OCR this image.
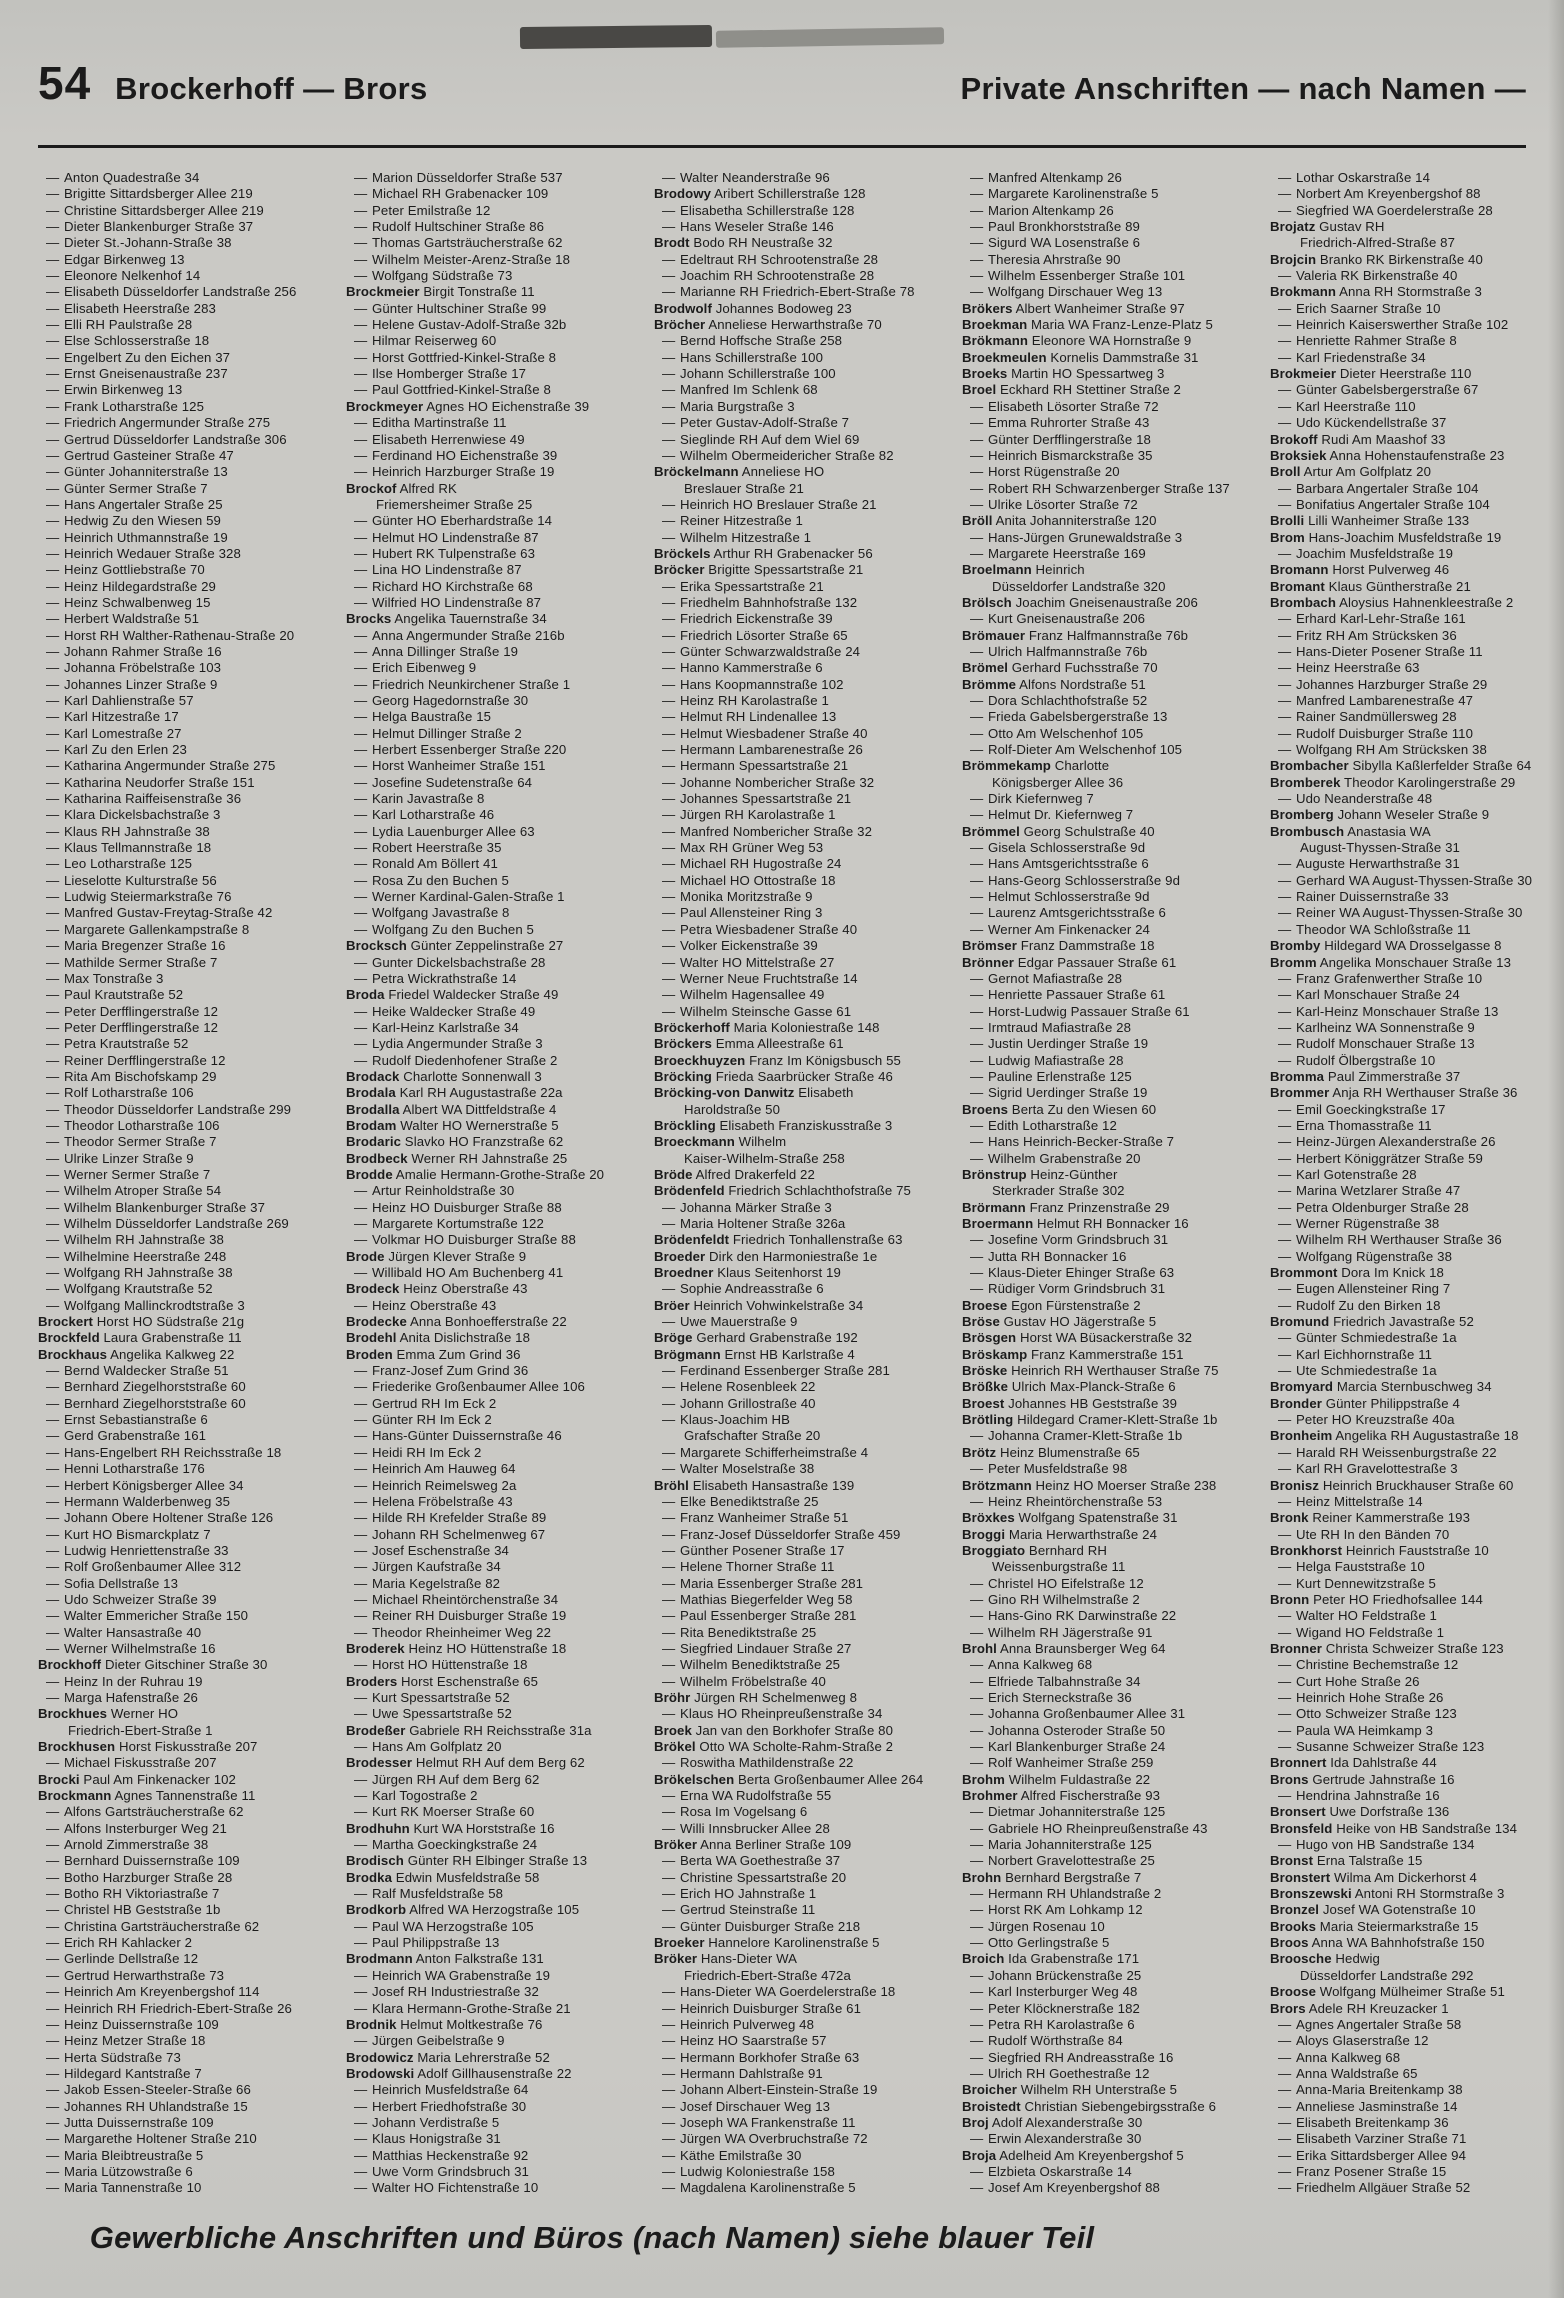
54 Brockerhoff — Brors	Private Anschriften — nach Namen —
— Anton Quadestraße 34
— Brigitte Sittardsberger Allee 219
— Christine Sittardsberger Allee 219
— Dieter Blankenburger Straße 37
— Dieter St.-Johann-Straße 38
— Edgar Birkenweg 13
— Eleonore Nelkenhof 14
— Elisabeth Düsseldorfer Landstraße 256
— Elisabeth Heerstraße 283
— Elli RH Paulstraße 28
— Else Schlosserstraße 18
— Engelbert Zu den Eichen 37
— Ernst Gneisenaustraße 237
— Erwin Birkenweg 13
— Frank Lotharstraße 125
— Friedrich Angermunder Straße 275
— Gertrud Düsseldorfer Landstraße 306
— Gertrud Gasteiner Straße 47
— Günter Johanniterstraße 13
— Günter Sermer Straße 7
— Hans Angertaler Straße 25
— Hedwig Zu den Wiesen 59
— Heinrich Uthmannstraße 19
— Heinrich Wedauer Straße 328
— Heinz Gottliebstraße 70
— Heinz Hildegardstraße 29
— Heinz Schwalbenweg 15
— Herbert Waldstraße 51
— Horst RH Walther-Rathenau-Straße 20
— Johann Rahmer Straße 16
— Johanna Fröbelstraße 103
— Johannes Linzer Straße 9
— Karl Dahlienstraße 57
— Karl Hitzestraße 17
— Karl Lomestraße 27
— Karl Zu den Erlen 23
— Katharina Angermunder Straße 275
— Katharina Neudorfer Straße 151
— Katharina Raiffeisenstraße 36
— Klara Dickelsbachstraße 3
— Klaus RH Jahnstraße 38
— Klaus Tellmannstraße 18
— Leo Lotharstraße 125
— Lieselotte Kulturstraße 56
— Ludwig Steiermarkstraße 76
— Manfred Gustav-Freytag-Straße 42
— Margarete Gallenkampstraße 8
— Maria Bregenzer Straße 16
— Mathilde Sermer Straße 7
— Max Tonstraße 3
— Paul Krautstraße 52
— Peter Derfflingerstraße 12
— Peter Derfflingerstraße 12
— Petra Krautstraße 52
— Reiner Derfflingerstraße 12
— Rita Am Bischofskamp 29
— Rolf Lotharstraße 106
— Theodor Düsseldorfer Landstraße 299
— Theodor Lotharstraße 106
— Theodor Sermer Straße 7
— Ulrike Linzer Straße 9
— Werner Sermer Straße 7
— Wilhelm Atroper Straße 54
— Wilhelm Blankenburger Straße 37
— Wilhelm Düsseldorfer Landstraße 269
— Wilhelm RH Jahnstraße 38
— Wilhelmine Heerstraße 248
— Wolfgang RH Jahnstraße 38
— Wolfgang Krautstraße 52
— Wolfgang Mallinckrodtstraße 3
Brockert Horst HO Südstraße 21g
Brockfeld Laura Grabenstraße 11
Brockhaus Angelika Kalkweg 22
— Bernd Waldecker Straße 51
— Bernhard Ziegelhorststraße 60
— Bernhard Ziegelhorststraße 60
— Ernst Sebastianstraße 6
— Gerd Grabenstraße 161
— Hans-Engelbert RH Reichsstraße 18
— Henni Lotharstraße 176
— Herbert Königsberger Allee 34
— Hermann Walderbenweg 35
— Johann Obere Holtener Straße 126
— Kurt HO Bismarckplatz 7
— Ludwig Henriettenstraße 33
— Rolf Großenbaumer Allee 312
— Sofia Dellstraße 13
— Udo Schweizer Straße 39
— Walter Emmericher Straße 150
— Walter Hansastraße 40
— Werner Wilhelmstraße 16
Brockhoff Dieter Gitschiner Straße 30
— Heinz In der Ruhrau 19
— Marga Hafenstraße 26
Brockhues Werner HO
Friedrich-Ebert-Straße 1
Brockhusen Horst Fiskusstraße 207
— Michael Fiskusstraße 207
Brocki Paul Am Finkenacker 102
Brockmann Agnes Tannenstraße 11
— Alfons Gartsträucherstraße 62
— Alfons Insterburger Weg 21
— Arnold Zimmerstraße 38
— Bernhard Duissernstraße 109
— Botho Harzburger Straße 28
— Botho RH Viktoriastraße 7
— Christel HB Geststraße 1b
— Christina Gartsträucherstraße 62
— Erich RH Kahlacker 2
— Gerlinde Dellstraße 12
— Gertrud Herwarthstraße 73
— Heinrich Am Kreyenbergshof 114
— Heinrich RH Friedrich-Ebert-Straße 26
— Heinz Duissernstraße 109
— Heinz Metzer Straße 18
— Herta Südstraße 73
— Hildegard Kantstraße 7
— Jakob Essen-Steeler-Straße 66
— Johannes RH Uhlandstraße 15
— Jutta Duissernstraße 109
— Margarethe Holtener Straße 210
— Maria Bleibtreustraße 5
— Maria Lützowstraße 6
— Maria Tannenstraße 10
— Marion Düsseldorfer Straße 537
— Michael RH Grabenacker 109
— Peter Emilstraße 12
— Rudolf Hultschiner Straße 86
— Thomas Gartsträucherstraße 62
— Wilhelm Meister-Arenz-Straße 18
— Wolfgang Südstraße 73
Brockmeier Birgit Tonstraße 11
— Günter Hultschiner Straße 99
— Helene Gustav-Adolf-Straße 32b
— Hilmar Reiserweg 60
— Horst Gottfried-Kinkel-Straße 8
— Ilse Homberger Straße 17
— Paul Gottfried-Kinkel-Straße 8
Brockmeyer Agnes HO Eichenstraße 39
— Editha Martinstraße 11
— Elisabeth Herrenwiese 49
— Ferdinand HO Eichenstraße 39
— Heinrich Harzburger Straße 19
Brockof Alfred RK
Friemersheimer Straße 25
— Günter HO Eberhardstraße 14
— Helmut HO Lindenstraße 87
— Hubert RK Tulpenstraße 63
— Lina HO Lindenstraße 87
— Richard HO Kirchstraße 68
— Wilfried HO Lindenstraße 87
Brocks Angelika Tauernstraße 34
— Anna Angermunder Straße 216b
— Anna Dillinger Straße 19
— Erich Eibenweg 9
— Friedrich Neunkirchener Straße 1
— Georg Hagedornstraße 30
— Helga Baustraße 15
— Helmut Dillinger Straße 2
— Herbert Essenberger Straße 220
— Horst Wanheimer Straße 151
— Josefine Sudetenstraße 64
— Karin Javastraße 8
— Karl Lotharstraße 46
— Lydia Lauenburger Allee 63
— Robert Heerstraße 35
— Ronald Am Böllert 41
— Rosa Zu den Buchen 5
— Werner Kardinal-Galen-Straße 1
— Wolfgang Javastraße 8
— Wolfgang Zu den Buchen 5
Brocksch Günter Zeppelinstraße 27
— Gunter Dickelsbachstraße 28
— Petra Wickrathstraße 14
Broda Friedel Waldecker Straße 49
— Heike Waldecker Straße 49
— Karl-Heinz Karlstraße 34
— Lydia Angermunder Straße 3
— Rudolf Diedenhofener Straße 2
Brodack Charlotte Sonnenwall 3
Brodala Karl RH Augustastraße 22a
Brodalla Albert WA Dittfeldstraße 4
Brodam Walter HO Wernerstraße 5
Brodaric Slavko HO Franzstraße 62
Brodbeck Werner RH Jahnstraße 25
Brodde Amalie Hermann-Grothe-Straße 20
— Artur Reinholdstraße 30
— Heinz HO Duisburger Straße 88
— Margarete Kortumstraße 122
— Volkmar HO Duisburger Straße 88
Brode Jürgen Klever Straße 9
— Willibald HO Am Buchenberg 41
Brodeck Heinz Oberstraße 43
— Heinz Oberstraße 43
Brodecke Anna Bonhoefferstraße 22
Brodehl Anita Dislichstraße 18
Broden Emma Zum Grind 36
— Franz-Josef Zum Grind 36
— Friederike Großenbaumer Allee 106
— Gertrud RH Im Eck 2
— Günter RH Im Eck 2
— Hans-Günter Duissernstraße 46
— Heidi RH Im Eck 2
— Heinrich Am Hauweg 64
— Heinrich Reimelsweg 2a
— Helena Fröbelstraße 43
— Hilde RH Krefelder Straße 89
— Johann RH Schelmenweg 67
— Josef Eschenstraße 34
— Jürgen Kaufstraße 34
— Maria Kegelstraße 82
— Michael Rheintörchenstraße 34
— Reiner RH Duisburger Straße 19
— Theodor Rheinheimer Weg 22
Broderek Heinz HO Hüttenstraße 18
— Horst HO Hüttenstraße 18
Broders Horst Eschenstraße 65
— Kurt Spessartstraße 52
— Uwe Spessartstraße 52
Brodeßer Gabriele RH Reichsstraße 31a
— Hans Am Golfplatz 20
Brodesser Helmut RH Auf dem Berg 62
— Jürgen RH Auf dem Berg 62
— Karl Togostraße 2
— Kurt RK Moerser Straße 60
Brodhuhn Kurt WA Horststraße 16
— Martha Goeckingkstraße 24
Brodisch Günter RH Elbinger Straße 13
Brodka Edwin Musfeldstraße 58
— Ralf Musfeldstraße 58
Brodkorb Alfred WA Herzogstraße 105
— Paul WA Herzogstraße 105
— Paul Philippstraße 13
Brodmann Anton Falkstraße 131
— Heinrich WA Grabenstraße 19
— Josef RH Industriestraße 32
— Klara Hermann-Grothe-Straße 21
Brodnik Helmut Moltkestraße 76
— Jürgen Geibelstraße 9
Brodowicz Maria Lehrerstraße 52
Brodowski Adolf Gillhausenstraße 22
— Heinrich Musfeldstraße 64
— Herbert Friedhofstraße 30
— Johann Verdistraße 5
— Klaus Honigstraße 31
— Matthias Heckenstraße 92
— Uwe Vorm Grindsbruch 31
— Walter HO Fichtenstraße 10
— Walter Neanderstraße 96
Brodowy Aribert Schillerstraße 128
— Elisabetha Schillerstraße 128
— Hans Weseler Straße 146
Brodt Bodo RH Neustraße 32
— Edeltraut RH Schrootenstraße 28
— Joachim RH Schrootenstraße 28
— Marianne RH Friedrich-Ebert-Straße 78
Brodwolf Johannes Bodoweg 23
Bröcher Anneliese Herwarthstraße 70
— Bernd Hoffsche Straße 258
— Hans Schillerstraße 100
— Johann Schillerstraße 100
— Manfred Im Schlenk 68
— Maria Burgstraße 3
— Peter Gustav-Adolf-Straße 7
— Sieglinde RH Auf dem Wiel 69
— Wilhelm Obermeidericher Straße 82
Bröckelmann Anneliese HO
Breslauer Straße 21
— Heinrich HO Breslauer Straße 21
— Reiner Hitzestraße 1
— Wilhelm Hitzestraße 1
Bröckels Arthur RH Grabenacker 56
Bröcker Brigitte Spessartstraße 21
— Erika Spessartstraße 21
— Friedhelm Bahnhofstraße 132
— Friedrich Eickenstraße 39
— Friedrich Lösorter Straße 65
— Günter Schwarzwaldstraße 24
— Hanno Kammerstraße 6
— Hans Koopmannstraße 102
— Heinz RH Karolastraße 1
— Helmut RH Lindenallee 13
— Helmut Wiesbadener Straße 40
— Hermann Lambarenestraße 26
— Hermann Spessartstraße 21
— Johanne Nombericher Straße 32
— Johannes Spessartstraße 21
— Jürgen RH Karolastraße 1
— Manfred Nombericher Straße 32
— Max RH Grüner Weg 53
— Michael RH Hugostraße 24
— Michael HO Ottostraße 18
— Monika Moritzstraße 9
— Paul Allensteiner Ring 3
— Petra Wiesbadener Straße 40
— Volker Eickenstraße 39
— Walter HO Mittelstraße 27
— Werner Neue Fruchtstraße 14
— Wilhelm Hagensallee 49
— Wilhelm Steinsche Gasse 61
Bröckerhoff Maria Koloniestraße 148
Bröckers Emma Alleestraße 61
Broeckhuyzen Franz Im Königsbusch 55
Bröcking Frieda Saarbrücker Straße 46
Bröcking-von Danwitz Elisabeth
Haroldstraße 50
Bröckling Elisabeth Franziskusstraße 3
Broeckmann Wilhelm
Kaiser-Wilhelm-Straße 258
Bröde Alfred Drakerfeld 22
Brödenfeld Friedrich Schlachthofstraße 75
— Johanna Märker Straße 3
— Maria Holtener Straße 326a
Brödenfeldt Friedrich Tonhallenstraße 63
Broeder Dirk den Harmoniestraße 1e
Broedner Klaus Seitenhorst 19
— Sophie Andreasstraße 6
Bröer Heinrich Vohwinkelstraße 34
— Uwe Mauerstraße 9
Bröge Gerhard Grabenstraße 192
Brögmann Ernst HB Karlstraße 4
— Ferdinand Essenberger Straße 281
— Helene Rosenbleek 22
— Johann Grillostraße 40
— Klaus-Joachim HB
Grafschafter Straße 20
— Margarete Schifferheimstraße 4
— Walter Moselstraße 38
Bröhl Elisabeth Hansastraße 139
— Elke Benediktstraße 25
— Franz Wanheimer Straße 51
— Franz-Josef Düsseldorfer Straße 459
— Günther Posener Straße 17
— Helene Thorner Straße 11
— Maria Essenberger Straße 281
— Mathias Biegerfelder Weg 58
— Paul Essenberger Straße 281
— Rita Benediktstraße 25
— Siegfried Lindauer Straße 27
— Wilhelm Benediktstraße 25
— Wilhelm Fröbelstraße 40
Bröhr Jürgen RH Schelmenweg 8
— Klaus HO Rheinpreußenstraße 34
Broek Jan van den Borkhofer Straße 80
Brökel Otto WA Scholte-Rahm-Straße 2
— Roswitha Mathildenstraße 22
Brökelschen Berta Großenbaumer Allee 264
— Erna WA Rudolfstraße 55
— Rosa Im Vogelsang 6
— Willi Innsbrucker Allee 28
Bröker Anna Berliner Straße 109
— Berta WA Goethestraße 37
— Christine Spessartstraße 20
— Erich HO Jahnstraße 1
— Gertrud Steinstraße 11
— Günter Duisburger Straße 218
Broeker Hannelore Karolinenstraße 5
Bröker Hans-Dieter WA
Friedrich-Ebert-Straße 472a
— Hans-Dieter WA Goerdelerstraße 18
— Heinrich Duisburger Straße 61
— Heinrich Pulverweg 48
— Heinz HO Saarstraße 57
— Hermann Borkhofer Straße 63
— Hermann Dahlstraße 91
— Johann Albert-Einstein-Straße 19
— Josef Dirschauer Weg 13
— Joseph WA Frankenstraße 11
— Jürgen WA Overbruchstraße 72
— Käthe Emilstraße 30
— Ludwig Koloniestraße 158
— Magdalena Karolinenstraße 5
— Manfred Altenkamp 26
— Margarete Karolinenstraße 5
— Marion Altenkamp 26
— Paul Bronkhorststraße 89
— Sigurd WA Losenstraße 6
— Theresia Ahrstraße 90
— Wilhelm Essenberger Straße 101
— Wolfgang Dirschauer Weg 13
Brökers Albert Wanheimer Straße 97
Broekman Maria WA Franz-Lenze-Platz 5
Brökmann Eleonore WA Hornstraße 9
Broekmeulen Kornelis Dammstraße 31
Broeks Martin HO Spessartweg 3
Broel Eckhard RH Stettiner Straße 2
— Elisabeth Lösorter Straße 72
— Emma Ruhrorter Straße 43
— Günter Derfflingerstraße 18
— Heinrich Bismarckstraße 35
— Horst Rügenstraße 20
— Robert RH Schwarzenberger Straße 137
— Ulrike Lösorter Straße 72
Bröll Anita Johanniterstraße 120
— Hans-Jürgen Grunewaldstraße 3
— Margarete Heerstraße 169
Broelmann Heinrich
Düsseldorfer Landstraße 320
Brölsch Joachim Gneisenaustraße 206
— Kurt Gneisenaustraße 206
Brömauer Franz Halfmannstraße 76b
— Ulrich Halfmannstraße 76b
Brömel Gerhard Fuchsstraße 70
Brömme Alfons Nordstraße 51
— Dora Schlachthofstraße 52
— Frieda Gabelsbergerstraße 13
— Otto Am Welschenhof 105
— Rolf-Dieter Am Welschenhof 105
Brömmekamp Charlotte
Königsberger Allee 36
— Dirk Kiefernweg 7
— Helmut Dr. Kiefernweg 7
Brömmel Georg Schulstraße 40
— Gisela Schlosserstraße 9d
— Hans Amtsgerichtsstraße 6
— Hans-Georg Schlosserstraße 9d
— Helmut Schlosserstraße 9d
— Laurenz Amtsgerichtsstraße 6
— Werner Am Finkenacker 24
Brömser Franz Dammstraße 18
Brönner Edgar Passauer Straße 61
— Gernot Mafiastraße 28
— Henriette Passauer Straße 61
— Horst-Ludwig Passauer Straße 61
— Irmtraud Mafiastraße 28
— Justin Uerdinger Straße 19
— Ludwig Mafiastraße 28
— Pauline Erlenstraße 125
— Sigrid Uerdinger Straße 19
Broens Berta Zu den Wiesen 60
— Edith Lotharstraße 12
— Hans Heinrich-Becker-Straße 7
— Wilhelm Grabenstraße 20
Brönstrup Heinz-Günther
Sterkrader Straße 302
Brörmann Franz Prinzenstraße 29
Broermann Helmut RH Bonnacker 16
— Josefine Vorm Grindsbruch 31
— Jutta RH Bonnacker 16
— Klaus-Dieter Ehinger Straße 63
— Rüdiger Vorm Grindsbruch 31
Broese Egon Fürstenstraße 2
Bröse Gustav HO Jägerstraße 5
Brösgen Horst WA Büsackerstraße 32
Bröskamp Franz Kammerstraße 151
Bröske Heinrich RH Werthauser Straße 75
Brößke Ulrich Max-Planck-Straße 6
Broest Johannes HB Geststraße 39
Brötling Hildegard Cramer-Klett-Straße 1b
— Johanna Cramer-Klett-Straße 1b
Brötz Heinz Blumenstraße 65
— Peter Musfeldstraße 98
Brötzmann Heinz HO Moerser Straße 238
— Heinz Rheintörchenstraße 53
Bröxkes Wolfgang Spatenstraße 31
Broggi Maria Herwarthstraße 24
Broggiato Bernhard RH
Weissenburgstraße 11
— Christel HO Eifelstraße 12
— Gino RH Wilhelmstraße 2
— Hans-Gino RK Darwinstraße 22
— Wilhelm RH Jägerstraße 91
Brohl Anna Braunsberger Weg 64
— Anna Kalkweg 68
— Elfriede Talbahnstraße 34
— Erich Sterneckstraße 36
— Johanna Großenbaumer Allee 31
— Johanna Osteroder Straße 50
— Karl Blankenburger Straße 24
— Rolf Wanheimer Straße 259
Brohm Wilhelm Fuldastraße 22
Brohmer Alfred Fischerstraße 93
— Dietmar Johanniterstraße 125
— Gabriele HO Rheinpreußenstraße 43
— Maria Johanniterstraße 125
— Norbert Gravelottestraße 25
Brohn Bernhard Bergstraße 7
— Hermann RH Uhlandstraße 2
— Horst RK Am Lohkamp 12
— Jürgen Rosenau 10
— Otto Gerlingstraße 5
Broich Ida Grabenstraße 171
— Johann Brückenstraße 25
— Karl Insterburger Weg 48
— Peter Klöcknerstraße 182
— Petra RH Karolastraße 6
— Rudolf Wörthstraße 84
— Siegfried RH Andreasstraße 16
— Ulrich RH Goethestraße 12
Broicher Wilhelm RH Unterstraße 5
Broistedt Christian Siebengebirgsstraße 6
Broj Adolf Alexanderstraße 30
— Erwin Alexanderstraße 30
Broja Adelheid Am Kreyenbergshof 5
— Elzbieta Oskarstraße 14
— Josef Am Kreyenbergshof 88
— Lothar Oskarstraße 14
— Norbert Am Kreyenbergshof 88
— Siegfried WA Goerdelerstraße 28
Brojatz Gustav RH
Friedrich-Alfred-Straße 87
Brojcin Branko RK Birkenstraße 40
— Valeria RK Birkenstraße 40
Brokmann Anna RH Stormstraße 3
— Erich Saarner Straße 10
— Heinrich Kaiserswerther Straße 102
— Henriette Rahmer Straße 8
— Karl Friedenstraße 34
Brokmeier Dieter Heerstraße 110
— Günter Gabelsbergerstraße 67
— Karl Heerstraße 110
— Udo Kückendellstraße 37
Brokoff Rudi Am Maashof 33
Broksiek Anna Hohenstaufenstraße 23
Broll Artur Am Golfplatz 20
— Barbara Angertaler Straße 104
— Bonifatius Angertaler Straße 104
Brolli Lilli Wanheimer Straße 133
Brom Hans-Joachim Musfeldstraße 19
— Joachim Musfeldstraße 19
Bromann Horst Pulverweg 46
Bromant Klaus Güntherstraße 21
Brombach Aloysius Hahnenkleestraße 2
— Erhard Karl-Lehr-Straße 161
— Fritz RH Am Strücksken 36
— Hans-Dieter Posener Straße 11
— Heinz Heerstraße 63
— Johannes Harzburger Straße 29
— Manfred Lambarenestraße 47
— Rainer Sandmüllersweg 28
— Rudolf Duisburger Straße 110
— Wolfgang RH Am Strücksken 38
Brombacher Sibylla Kaßlerfelder Straße 64
Bromberek Theodor Karolingerstraße 29
— Udo Neanderstraße 48
Bromberg Johann Weseler Straße 9
Brombusch Anastasia WA
August-Thyssen-Straße 31
— Auguste Herwarthstraße 31
— Gerhard WA August-Thyssen-Straße 30
— Rainer Duissernstraße 33
— Reiner WA August-Thyssen-Straße 30
— Theodor WA Schloßstraße 11
Bromby Hildegard WA Drosselgasse 8
Bromm Angelika Monschauer Straße 13
— Franz Grafenwerther Straße 10
— Karl Monschauer Straße 24
— Karl-Heinz Monschauer Straße 13
— Karlheinz WA Sonnenstraße 9
— Rudolf Monschauer Straße 13
— Rudolf Ölbergstraße 10
Bromma Paul Zimmerstraße 37
Brommer Anja RH Werthauser Straße 36
— Emil Goeckingkstraße 17
— Erna Thomasstraße 11
— Heinz-Jürgen Alexanderstraße 26
— Herbert Königgrätzer Straße 59
— Karl Gotenstraße 28
— Marina Wetzlarer Straße 47
— Petra Oldenburger Straße 28
— Werner Rügenstraße 38
— Wilhelm RH Werthauser Straße 36
— Wolfgang Rügenstraße 38
Brommont Dora Im Knick 18
— Eugen Allensteiner Ring 7
— Rudolf Zu den Birken 18
Bromund Friedrich Javastraße 52
— Günter Schmiedestraße 1a
— Karl Eichhornstraße 11
— Ute Schmiedestraße 1a
Bromyard Marcia Sternbuschweg 34
Bronder Günter Philippstraße 4
— Peter HO Kreuzstraße 40a
Bronheim Angelika RH Augustastraße 18
— Harald RH Weissenburgstraße 22
— Karl RH Gravelottestraße 3
Bronisz Heinrich Bruckhauser Straße 60
— Heinz Mittelstraße 14
Bronk Reiner Kammerstraße 193
— Ute RH In den Bänden 70
Bronkhorst Heinrich Fauststraße 10
— Helga Fauststraße 10
— Kurt Dennewitzstraße 5
Bronn Peter HO Friedhofsallee 144
— Walter HO Feldstraße 1
— Wigand HO Feldstraße 1
Bronner Christa Schweizer Straße 123
— Christine Bechemstraße 12
— Curt Hohe Straße 26
— Heinrich Hohe Straße 26
— Otto Schweizer Straße 123
— Paula WA Heimkamp 3
— Susanne Schweizer Straße 123
Bronnert Ida Dahlstraße 44
Brons Gertrude Jahnstraße 16
— Hendrina Jahnstraße 16
Bronsert Uwe Dorfstraße 136
Bronsfeld Heike von HB Sandstraße 134
— Hugo von HB Sandstraße 134
Bronst Erna Talstraße 15
Bronstert Wilma Am Dickerhorst 4
Bronszewski Antoni RH Stormstraße 3
Bronzel Josef WA Gotenstraße 10
Brooks Maria Steiermarkstraße 15
Broos Anna WA Bahnhofstraße 150
Broosche Hedwig
Düsseldorfer Landstraße 292
Broose Wolfgang Mülheimer Straße 51
Brors Adele RH Kreuzacker 1
— Agnes Angertaler Straße 58
— Aloys Glaserstraße 12
— Anna Kalkweg 68
— Anna Waldstraße 65
— Anna-Maria Breitenkamp 38
— Anneliese Jasminstraße 14
— Elisabeth Breitenkamp 36
— Elisabeth Varziner Straße 71
— Erika Sittardsberger Allee 94
— Franz Posener Straße 15
— Friedhelm Allgäuer Straße 52
Gewerbliche Anschriften und Büros (nach Namen) siehe blauer Teil
